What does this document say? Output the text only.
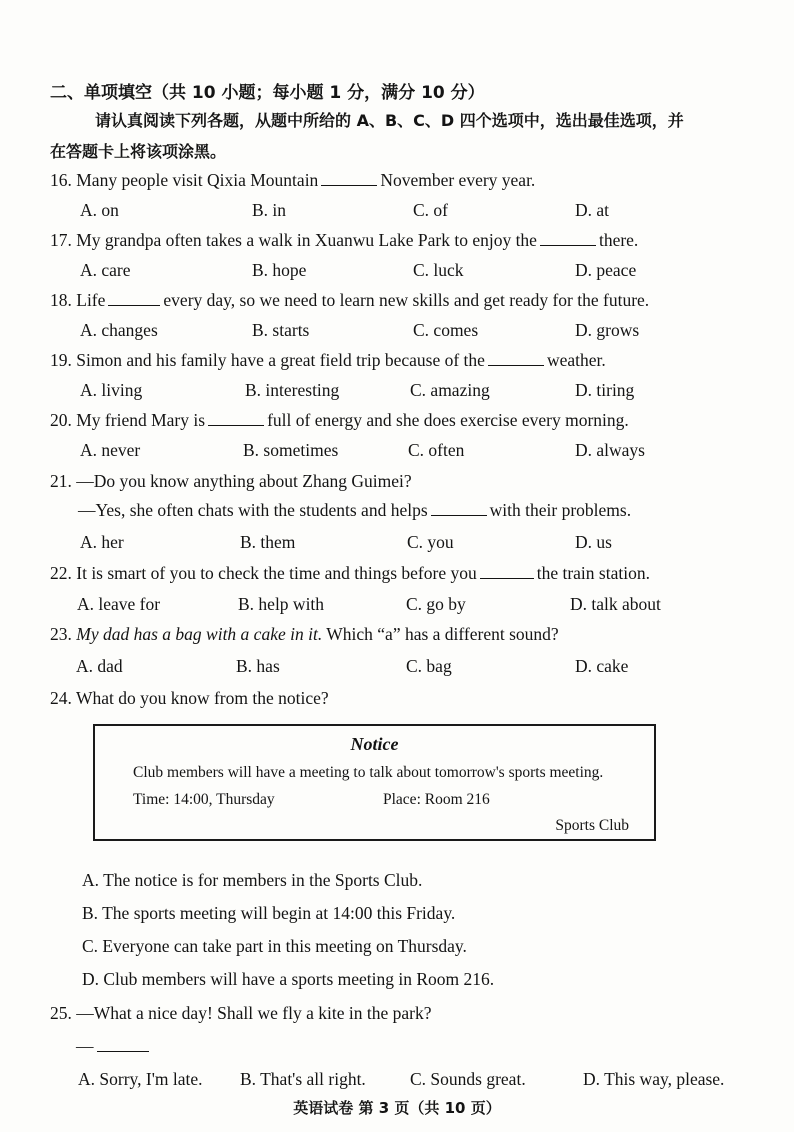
二、单项填空（共 10 小题；每小题 1 分，满分 10 分）
请认真阅读下列各题，从题中所给的 A、B、C、D 四个选项中，选出最佳选项，并
在答题卡上将该项涂黑。
16. Many people visit Qixia Mountain	November every year.
A. on	B. in	C. of	D. at
17. My grandpa often takes a walk in Xuanwu Lake Park to enjoy the	there.
A. care	B. hope	C. luck	D. peace
18. Life	every day, so we need to learn new skills and get ready for the future.
A. changes	B. starts	C. comes	D. grows
19. Simon and his family have a great field trip because of the	weather.
A. living	B. interesting	C. amazing	D. tiring
20. My friend Mary is	full of energy and she does exercise every morning.
A. never	B. sometimes	C. often	D. always
21. —Do you know anything about Zhang Guimei?
—Yes, she often chats with the students and helps	with their problems.
A. her	B. them	C. you	D. us
22. It is smart of you to check the time and things before you	the train station.
A. leave for	B. help with	C. go by	D. talk about
23. My dad has a bag with a cake in it. Which “a” has a different sound?
A. dad	B. has	C. bag	D. cake
24. What do you know from the notice?
Notice
Club members will have a meeting to talk about tomorrow's sports meeting.
Time: 14:00, Thursday	Place: Room 216
Sports Club
A. The notice is for members in the Sports Club.
B. The sports meeting will begin at 14:00 this Friday.
C. Everyone can take part in this meeting on Thursday.
D. Club members will have a sports meeting in Room 216.
25. —What a nice day! Shall we fly a kite in the park?
—
A. Sorry, I'm late. B. That's all right.	C. Sounds great.	D. This way, please.
英语试卷 第 3 页（共 10 页）
